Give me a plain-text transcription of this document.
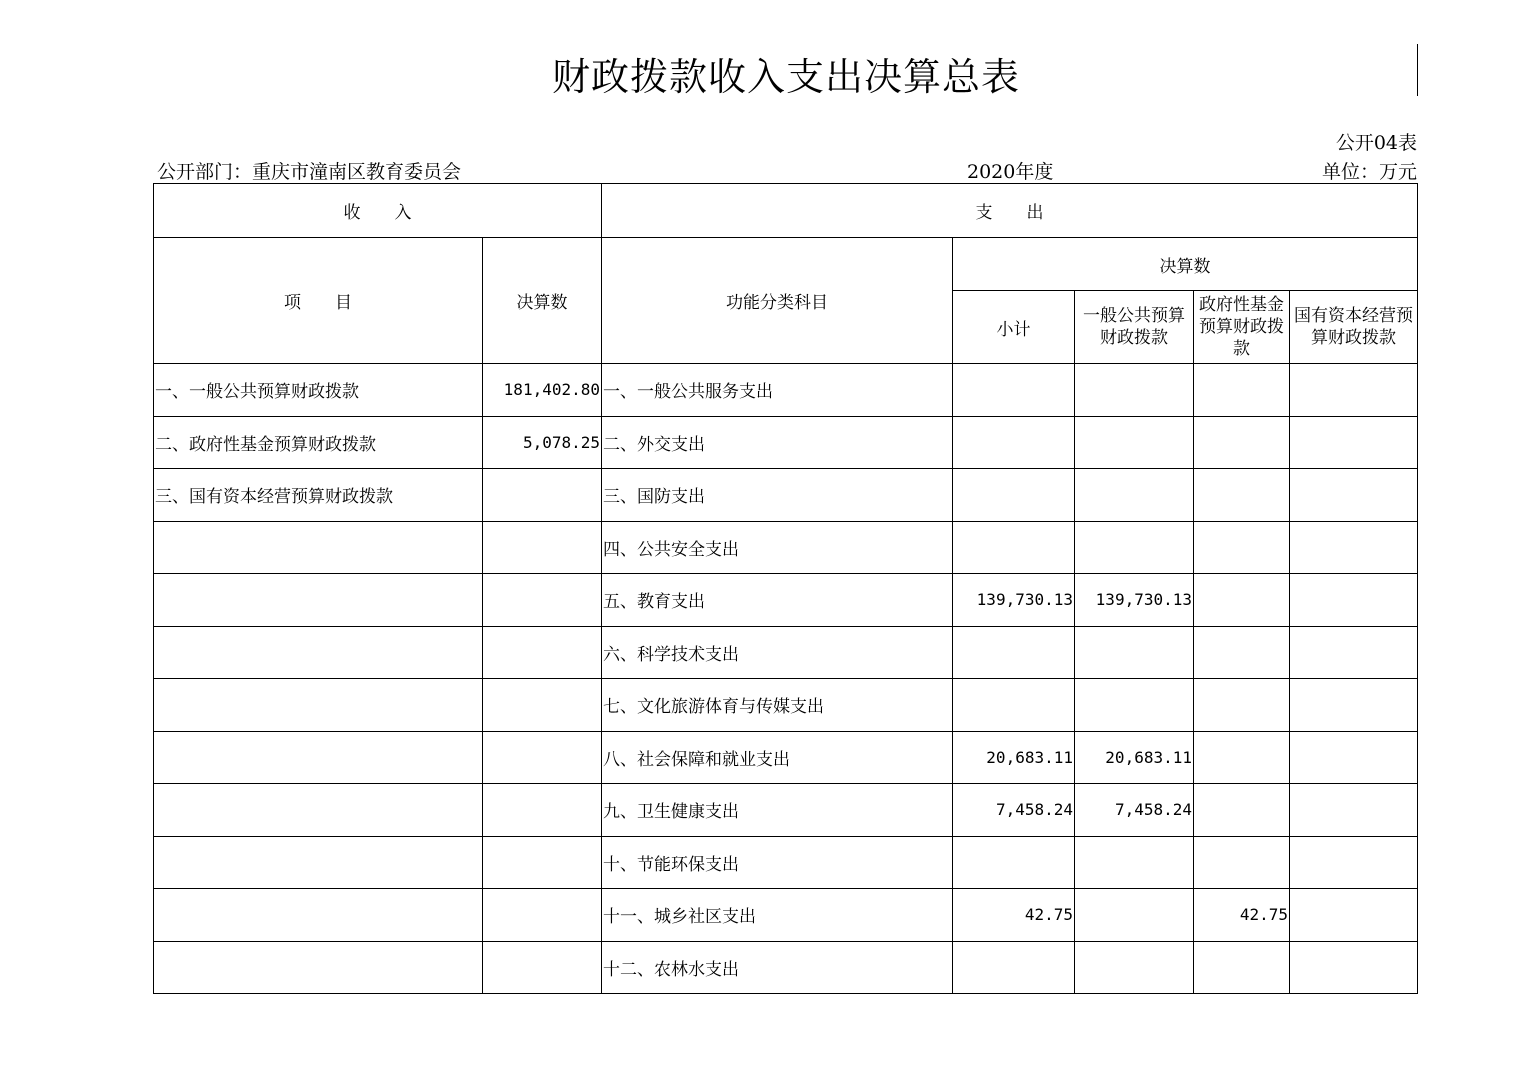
财政拨款收入支出决算总表
公开04表
公开部门：重庆市潼南区教育委员会	2020年度	单位：万元
收　　入		支　　出				
项　　目	决算数	功能分类科目	决算数			
			小计	一般公共预算财政拨款	政府性基金预算财政拨款	国有资本经营预算财政拨款
一、一般公共预算财政拨款	181,402.80	一、一般公共服务支出				
二、政府性基金预算财政拨款	5,078.25	二、外交支出				
三、国有资本经营预算财政拨款		三、国防支出				
		四、公共安全支出				
		五、教育支出	139,730.13	139,730.13		
		六、科学技术支出				
		七、文化旅游体育与传媒支出				
		八、社会保障和就业支出	20,683.11	20,683.11		
		九、卫生健康支出	7,458.24	7,458.24		
		十、节能环保支出				
		十一、城乡社区支出	42.75		42.75	
		十二、农林水支出				
